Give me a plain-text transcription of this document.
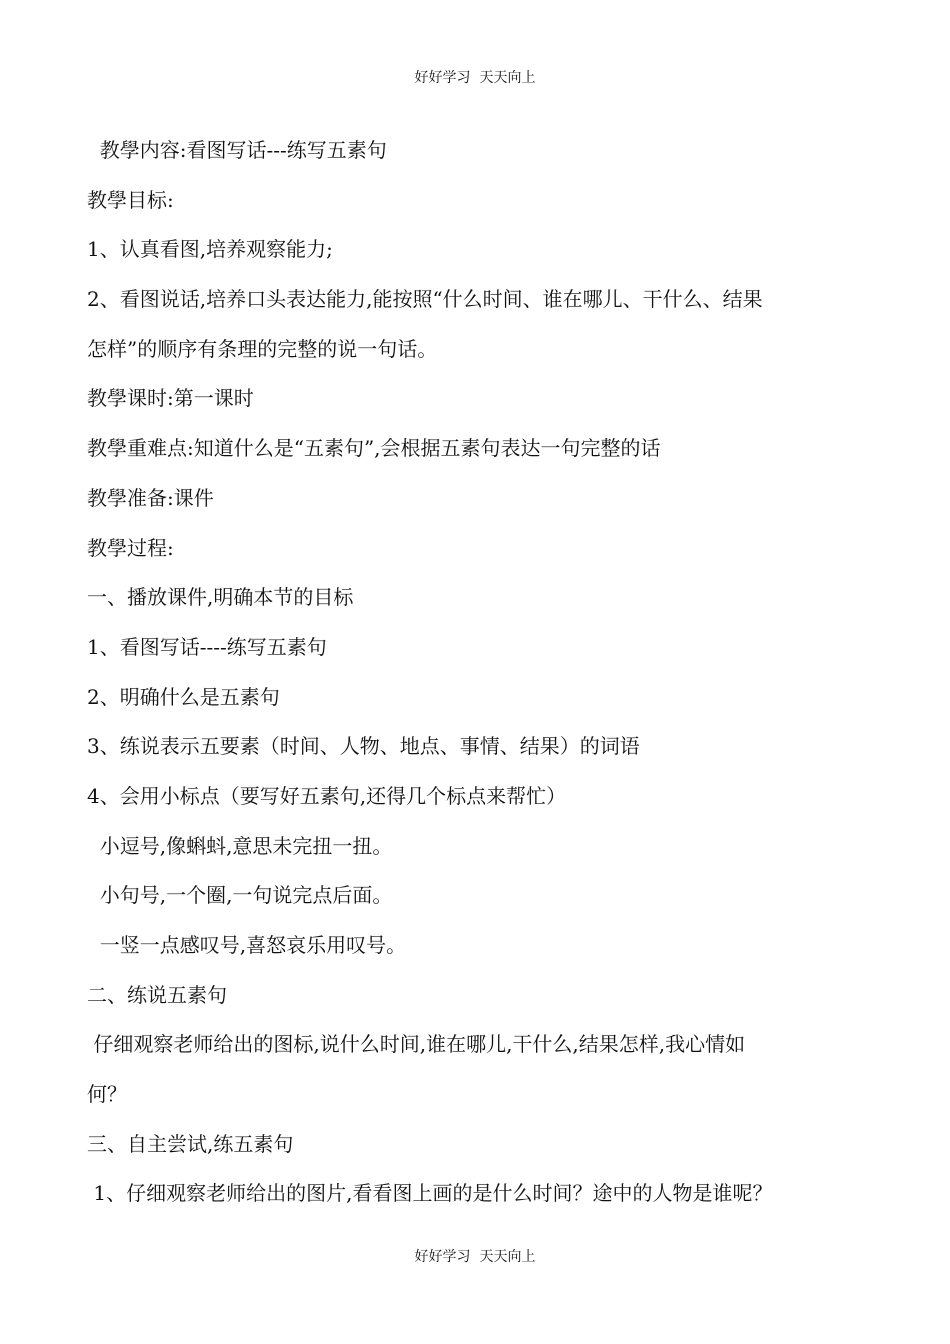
好好学习  天天向上
教學内容:看图写话---练写五素句
教學目标:
1、认真看图,培养观察能力;
2、看图说话,培养口头表达能力,能按照“什么时间、谁在哪儿、干什么、结果
怎样”的顺序有条理的完整的说一句话。
教學课时:第一课时
教學重难点:知道什么是“五素句”,会根据五素句表达一句完整的话
教學准备:课件
教學过程:
一、播放课件,明确本节的目标
1、看图写话----练写五素句
2、明确什么是五素句
3、练说表示五要素（时间、人物、地点、事情、结果）的词语
4、会用小标点（要写好五素句,还得几个标点来帮忙）
小逗号,像蝌蚪,意思未完扭一扭。
小句号,一个圈,一句说完点后面。
一竖一点感叹号,喜怒哀乐用叹号。
二、练说五素句
仔细观察老师给出的图标,说什么时间,谁在哪儿,干什么,结果怎样,我心情如
何？
三、自主尝试,练五素句
1、仔细观察老师给出的图片,看看图上画的是什么时间？途中的人物是谁呢？
好好学习  天天向上
